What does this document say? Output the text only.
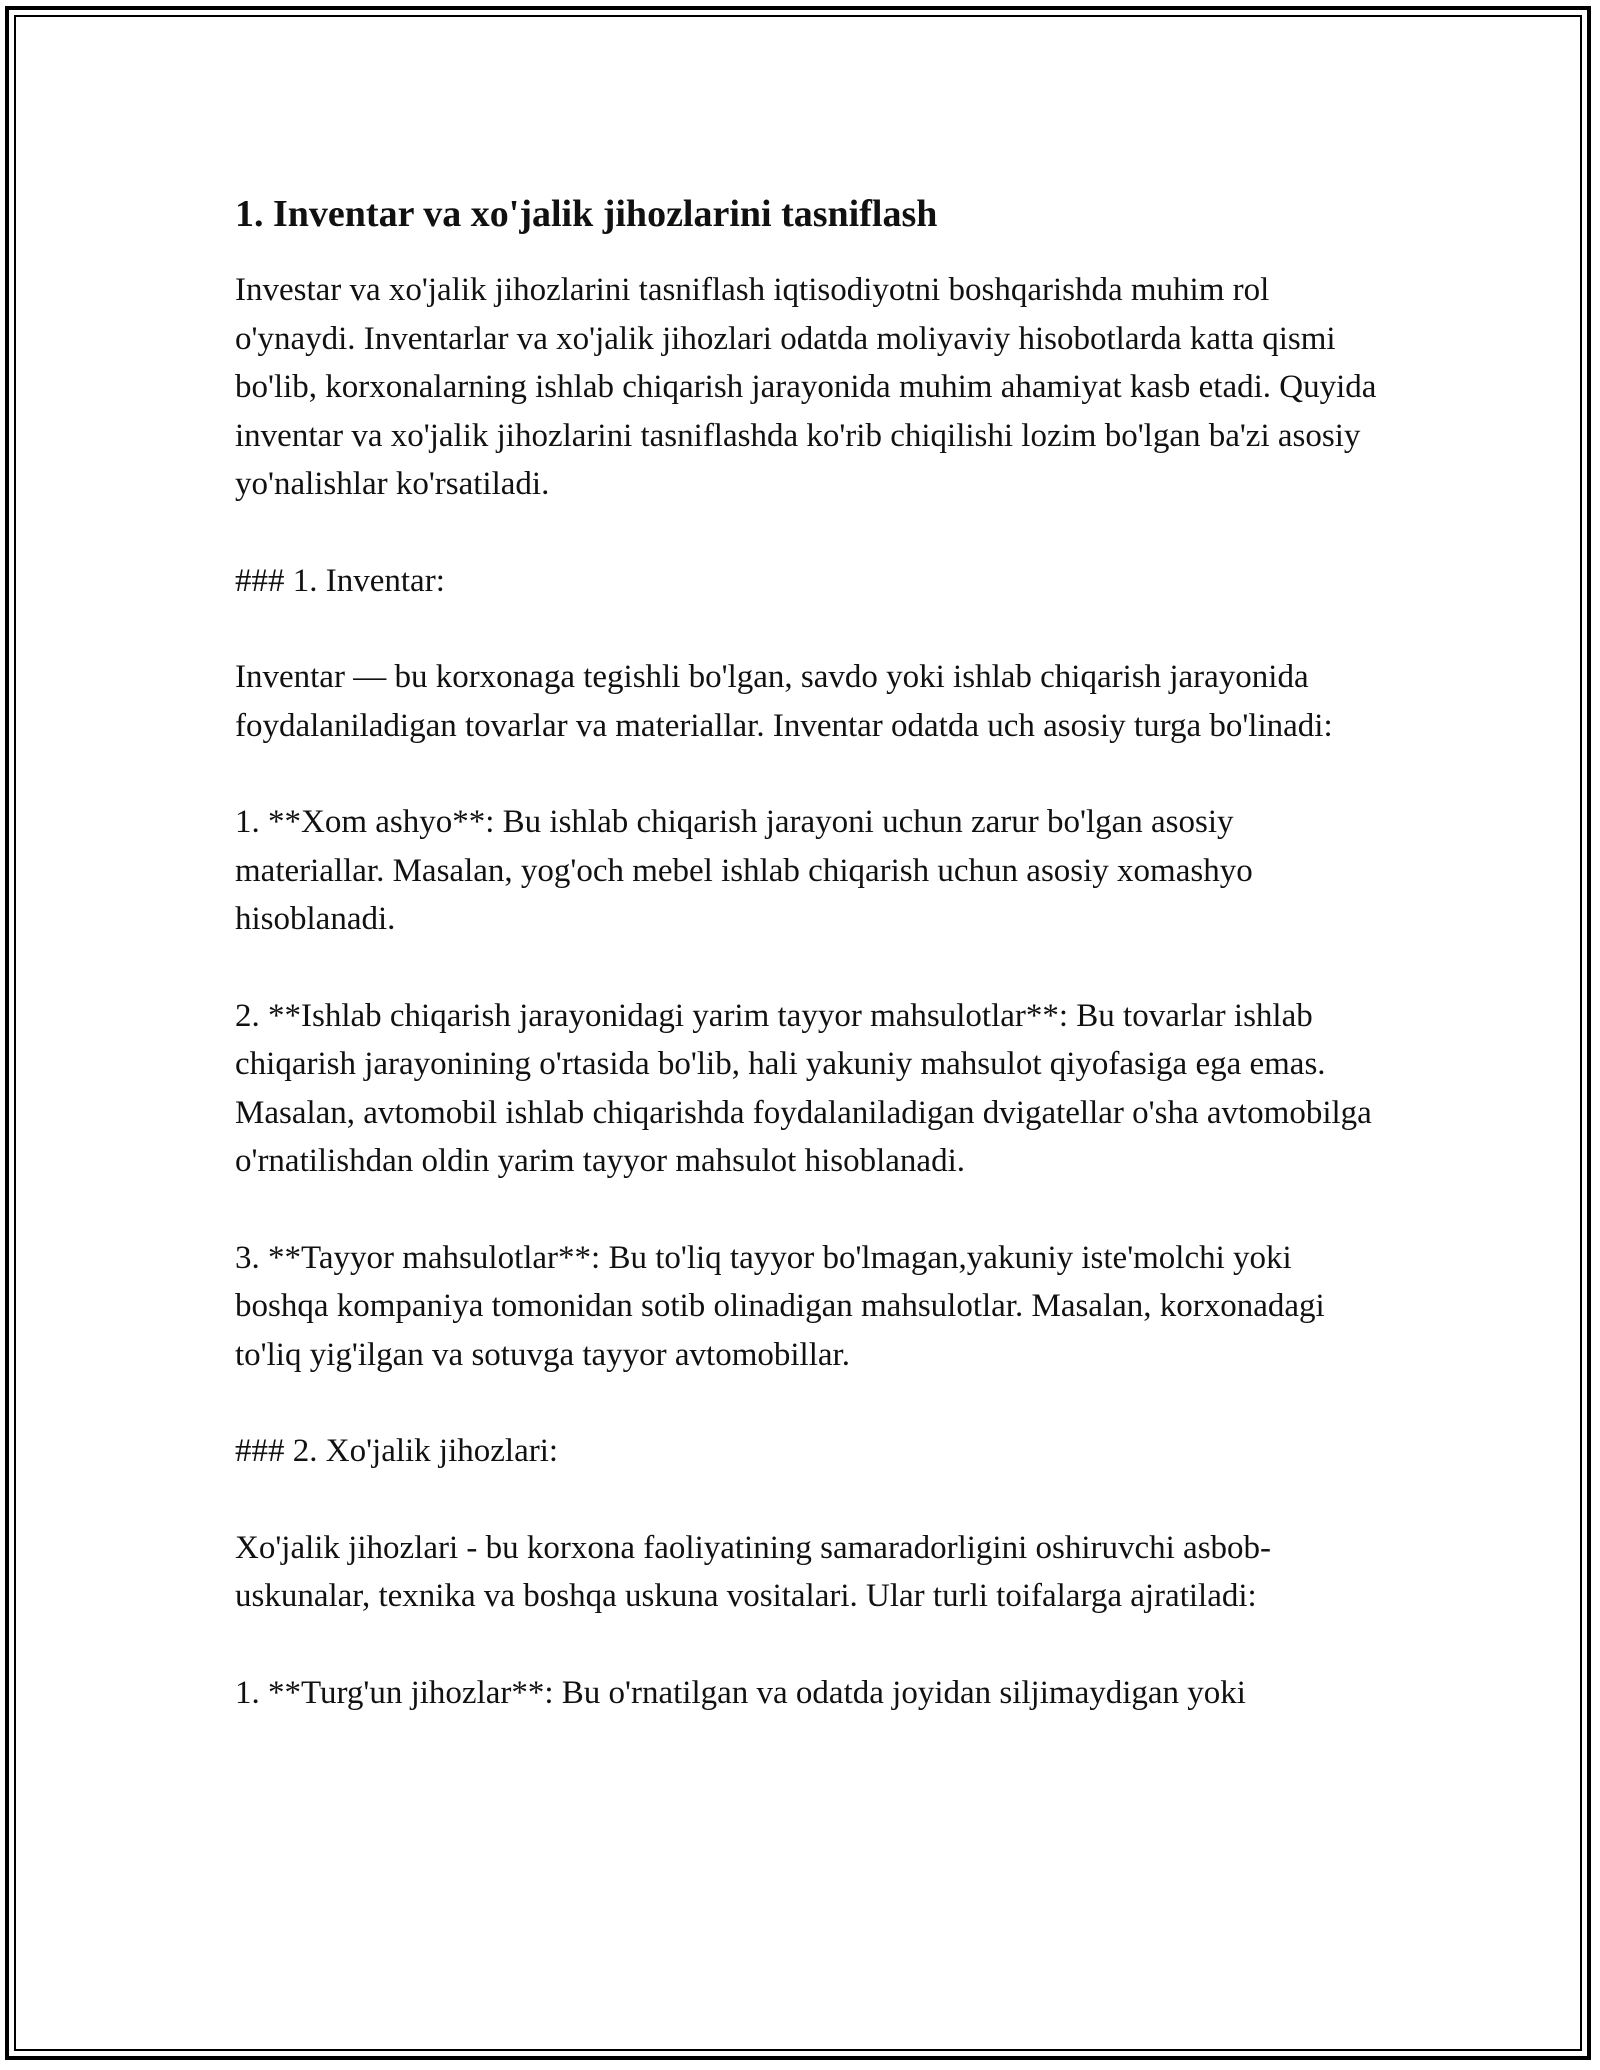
1. Inventar va xo'jalik jihozlarini tasniflash

Investar va xo'jalik jihozlarini tasniflash iqtisodiyotni boshqarishda muhim rol o'ynaydi. Inventarlar va xo'jalik jihozlari odatda moliyaviy hisobotlarda katta qismi bo'lib, korxonalarning ishlab chiqarish jarayonida muhim ahamiyat kasb etadi. Quyida inventar va xo'jalik jihozlarini tasniflashda ko'rib chiqilishi lozim bo'lgan ba'zi asosiy yo'nalishlar ko'rsatiladi.

### 1. Inventar:

Inventar — bu korxonaga tegishli bo'lgan, savdo yoki ishlab chiqarish jarayonida foydalaniladigan tovarlar va materiallar. Inventar odatda uch asosiy turga bo'linadi:

1. **Xom ashyo**: Bu ishlab chiqarish jarayoni uchun zarur bo'lgan asosiy materiallar. Masalan, yog'och mebel ishlab chiqarish uchun asosiy xomashyo hisoblanadi.

2. **Ishlab chiqarish jarayonidagi yarim tayyor mahsulotlar**: Bu tovarlar ishlab chiqarish jarayonining o'rtasida bo'lib, hali yakuniy mahsulot qiyofasiga ega emas. Masalan, avtomobil ishlab chiqarishda foydalaniladigan dvigatellar o'sha avtomobilga o'rnatilishdan oldin yarim tayyor mahsulot hisoblanadi.

3. **Tayyor mahsulotlar**: Bu to'liq tayyor bo'lmagan,yakuniy iste'molchi yoki boshqa kompaniya tomonidan sotib olinadigan mahsulotlar. Masalan, korxonadagi to'liq yig'ilgan va sotuvga tayyor avtomobillar.

### 2. Xo'jalik jihozlari:

Xo'jalik jihozlari - bu korxona faoliyatining samaradorligini oshiruvchi asbob-uskunalar, texnika va boshqa uskuna vositalari. Ular turli toifalarga ajratiladi:

1. **Turg'un jihozlar**: Bu o'rnatilgan va odatda joyidan siljimaydigan yoki
